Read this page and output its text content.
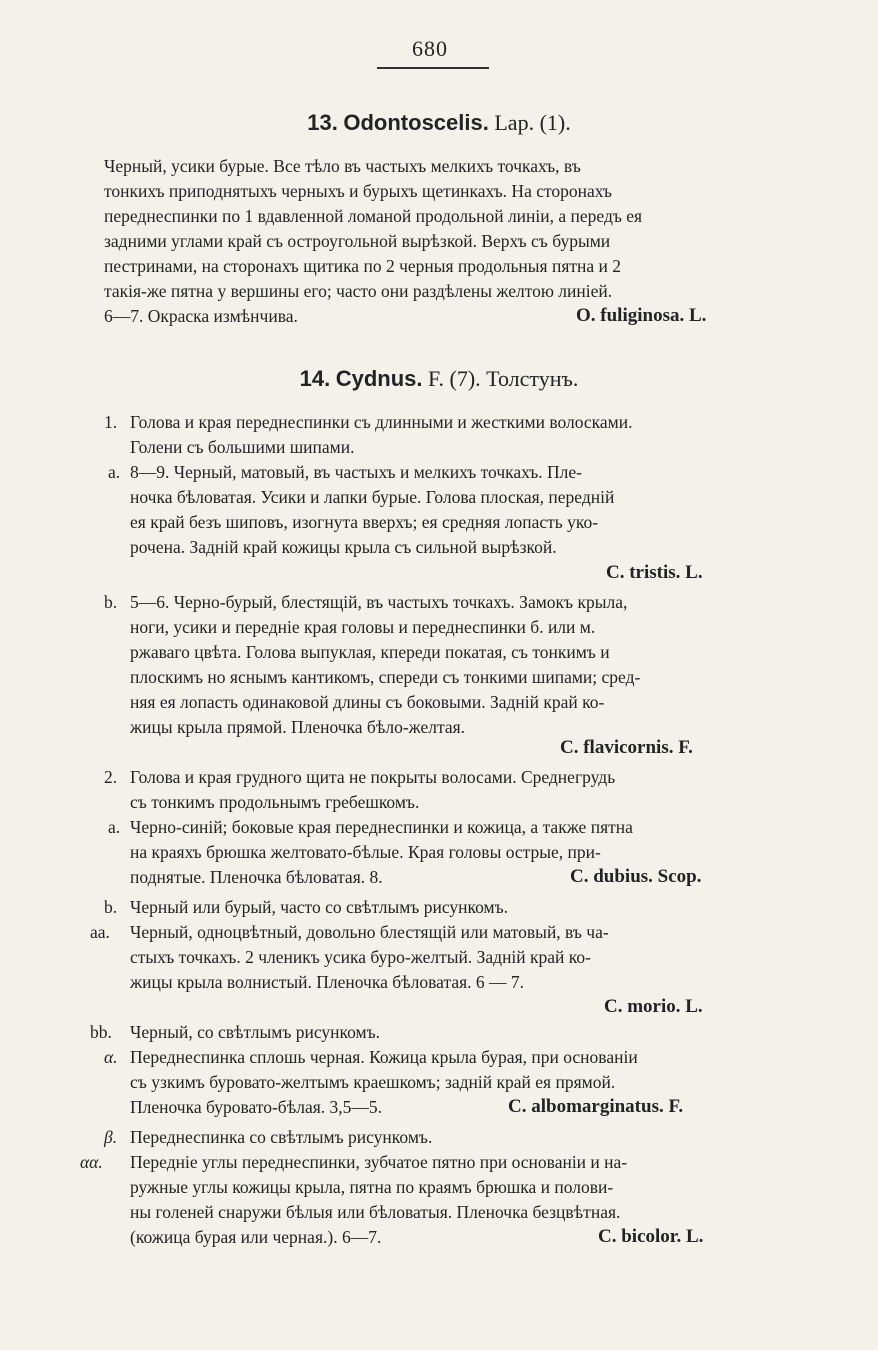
680
13. Odontoscelis. Lap. (1).
Черный, усики бурые. Все тѣло въ частыхъ мелкихъ точкахъ, въ
тонкихъ приподнятыхъ черныхъ и бурыхъ щетинкахъ. На сторонахъ
переднеспинки по 1 вдавленной ломаной продольной линіи, а передъ ея
задними углами край съ остроугольной вырѣзкой. Верхъ съ бурыми
пестринами, на сторонахъ щитика по 2 черныя продольныя пятна и 2
такія-же пятна у вершины его; часто они раздѣлены желтою линіей.
6—7. Окраска измѣнчива.	O. fuliginosa. L.
14. Cydnus. F. (7). Толстунъ.
1. Голова и края переднеспинки съ длинными и жесткими волосками.
Голени съ большими шипами.
a. 8—9. Черный, матовый, въ частыхъ и мелкихъ точкахъ. Пле-
ночка бѣловатая. Усики и лапки бурые. Голова плоская, передній
ея край безъ шиповъ, изогнута вверхъ; ея средняя лопасть уко-
рочена. Задній край кожицы крыла съ сильной вырѣзкой.
C. tristis. L.
b. 5—6. Черно-бурый, блестящій, въ частыхъ точкахъ. Замокъ крыла,
ноги, усики и передніе края головы и переднеспинки б. или м.
ржаваго цвѣта. Голова выпуклая, кпереди покатая, съ тонкимъ и
плоскимъ но яснымъ кантикомъ, спереди съ тонкими шипами; сред-
няя ея лопасть одинаковой длины съ боковыми. Задній край ко-
жицы крыла прямой. Пленочка бѣло-желтая.
C. flavicornis. F.
2. Голова и края грудного щита не покрыты волосами. Среднегрудь
съ тонкимъ продольнымъ гребешкомъ.
a. Черно-синій; боковые края переднеспинки и кожица, а также пятна
на краяхъ брюшка желтовато-бѣлые. Края головы острые, при-
поднятые. Пленочка бѣловатая. 8.	C. dubius. Scop.
b. Черный или бурый, часто со свѣтлымъ рисункомъ.
aa. Черный, одноцвѣтный, довольно блестящій или матовый, въ ча-
стыхъ точкахъ. 2 членикъ усика буро-желтый. Задній край ко-
жицы крыла волнистый. Пленочка бѣловатая. 6 — 7.
C. morio. L.
bb. Черный, со свѣтлымъ рисункомъ.
α. Переднеспинка сплошь черная. Кожица крыла бурая, при основаніи
съ узкимъ буровато-желтымъ краешкомъ; задній край ея прямой.
Пленочка буровато-бѣлая. 3,5—5.	C. albomarginatus. F.
β. Переднеспинка со свѣтлымъ рисункомъ.
αα. Передніе углы переднеспинки, зубчатое пятно при основаніи и на-
ружные углы кожицы крыла, пятна по краямъ брюшка и полови-
ны голеней снаружи бѣлыя или бѣловатыя. Пленочка безцвѣтная.
(кожица бурая или черная.). 6—7.	C. bicolor. L.
